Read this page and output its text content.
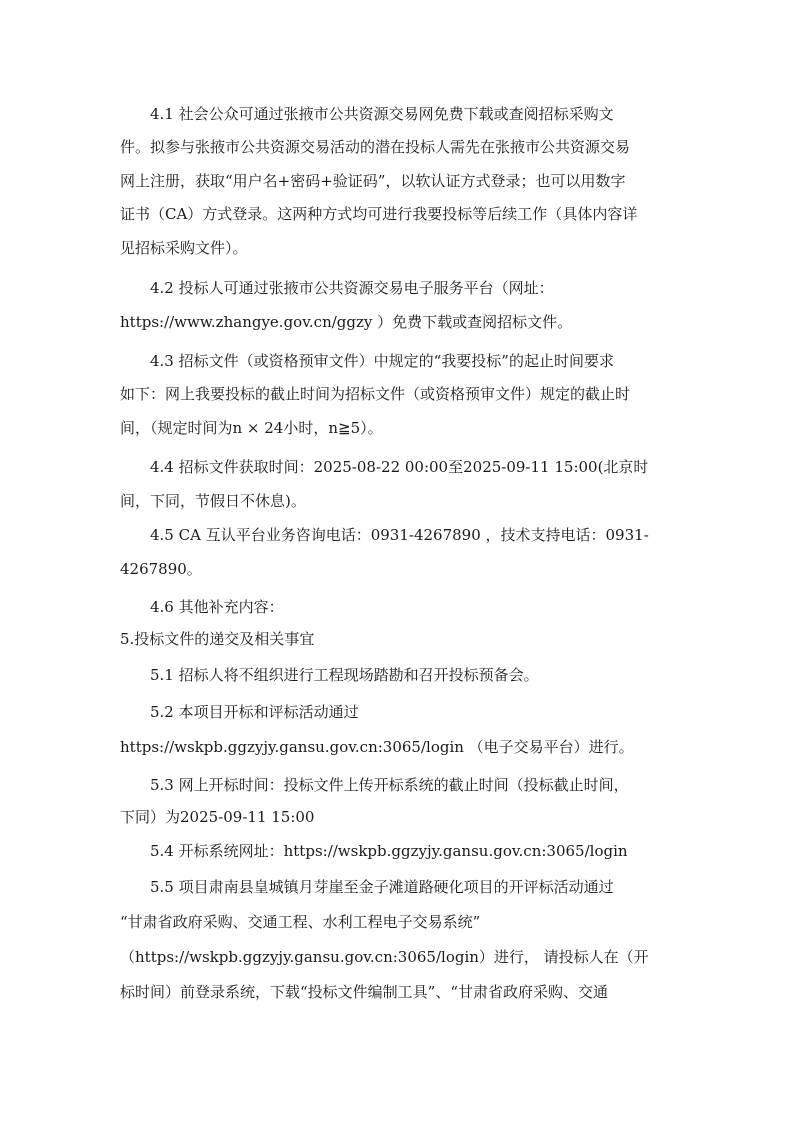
4.1 社会公众可通过张掖市公共资源交易网免费下载或查阅招标采购文
件。拟参与张掖市公共资源交易活动的潜在投标人需先在张掖市公共资源交易
网上注册，获取“用户名+密码+验证码”，以软认证方式登录；也可以用数字
证书（CA）方式登录。这两种方式均可进行我要投标等后续工作（具体内容详
见招标采购文件）。
4.2 投标人可通过张掖市公共资源交易电子服务平台（网址：
https://www.zhangye.gov.cn/ggzy ）免费下载或查阅招标文件。
4.3 招标文件（或资格预审文件）中规定的“我要投标”的起止时间要求
如下：网上我要投标的截止时间为招标文件（或资格预审文件）规定的截止时
间，（规定时间为n × 24小时，n≧5）。
4.4 招标文件获取时间：2025-08-22 00:00至2025-09-11 15:00(北京时
间，下同，节假日不休息)。
4.5 CA 互认平台业务咨询电话：0931-4267890 ，技术支持电话：0931-
4267890。
4.6 其他补充内容：
5.投标文件的递交及相关事宜
5.1 招标人将不组织进行工程现场踏勘和召开投标预备会。
5.2 本项目开标和评标活动通过
https://wskpb.ggzyjy.gansu.gov.cn:3065/login （电子交易平台）进行。
5.3 网上开标时间：投标文件上传开标系统的截止时间（投标截止时间，
下同）为2025-09-11 15:00
5.4 开标系统网址：https://wskpb.ggzyjy.gansu.gov.cn:3065/login
5.5 项目肃南县皇城镇月芽崖至金子滩道路硬化项目的开评标活动通过
“甘肃省政府采购、交通工程、水利工程电子交易系统”
（https://wskpb.ggzyjy.gansu.gov.cn:3065/login）进行， 请投标人在（开
标时间）前登录系统，下载“投标文件编制工具”、“甘肃省政府采购、交通
